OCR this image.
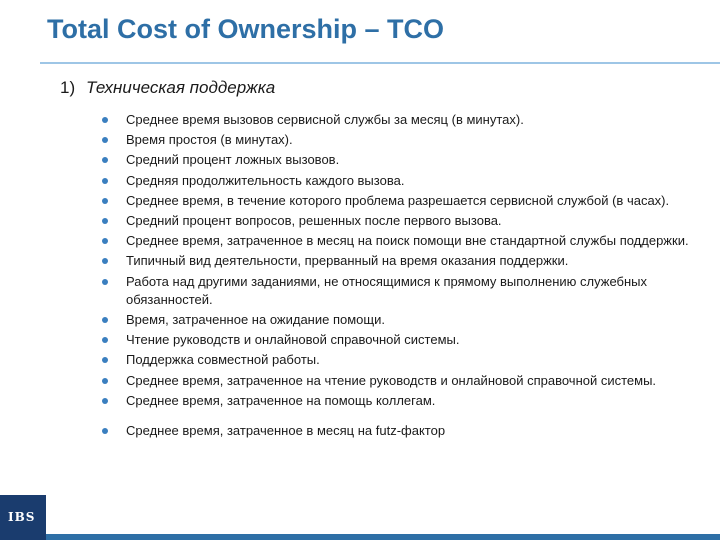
Total Cost of Ownership – TCO
1) Техническая поддержка
Среднее время вызовов сервисной службы за месяц (в минутах).
Время простоя (в минутах).
Средний процент ложных вызовов.
Средняя продолжительность каждого вызова.
Среднее время, в течение которого проблема разрешается сервисной службой (в часах).
Средний процент вопросов, решенных после первого вызова.
Среднее время, затраченное в месяц на поиск помощи вне стандартной службы поддержки.
Типичный вид деятельности, прерванный на время оказания поддержки.
Работа над другими заданиями, не относящимися к прямому выполнению служебных обязанностей.
Время, затраченное на ожидание помощи.
Чтение руководств и онлайновой справочной системы.
Поддержка совместной работы.
Среднее время, затраченное на чтение руководств и онлайновой справочной системы.
Среднее время, затраченное на помощь коллегам.
Среднее время, затраченное в месяц на futz-фактор
IBS
